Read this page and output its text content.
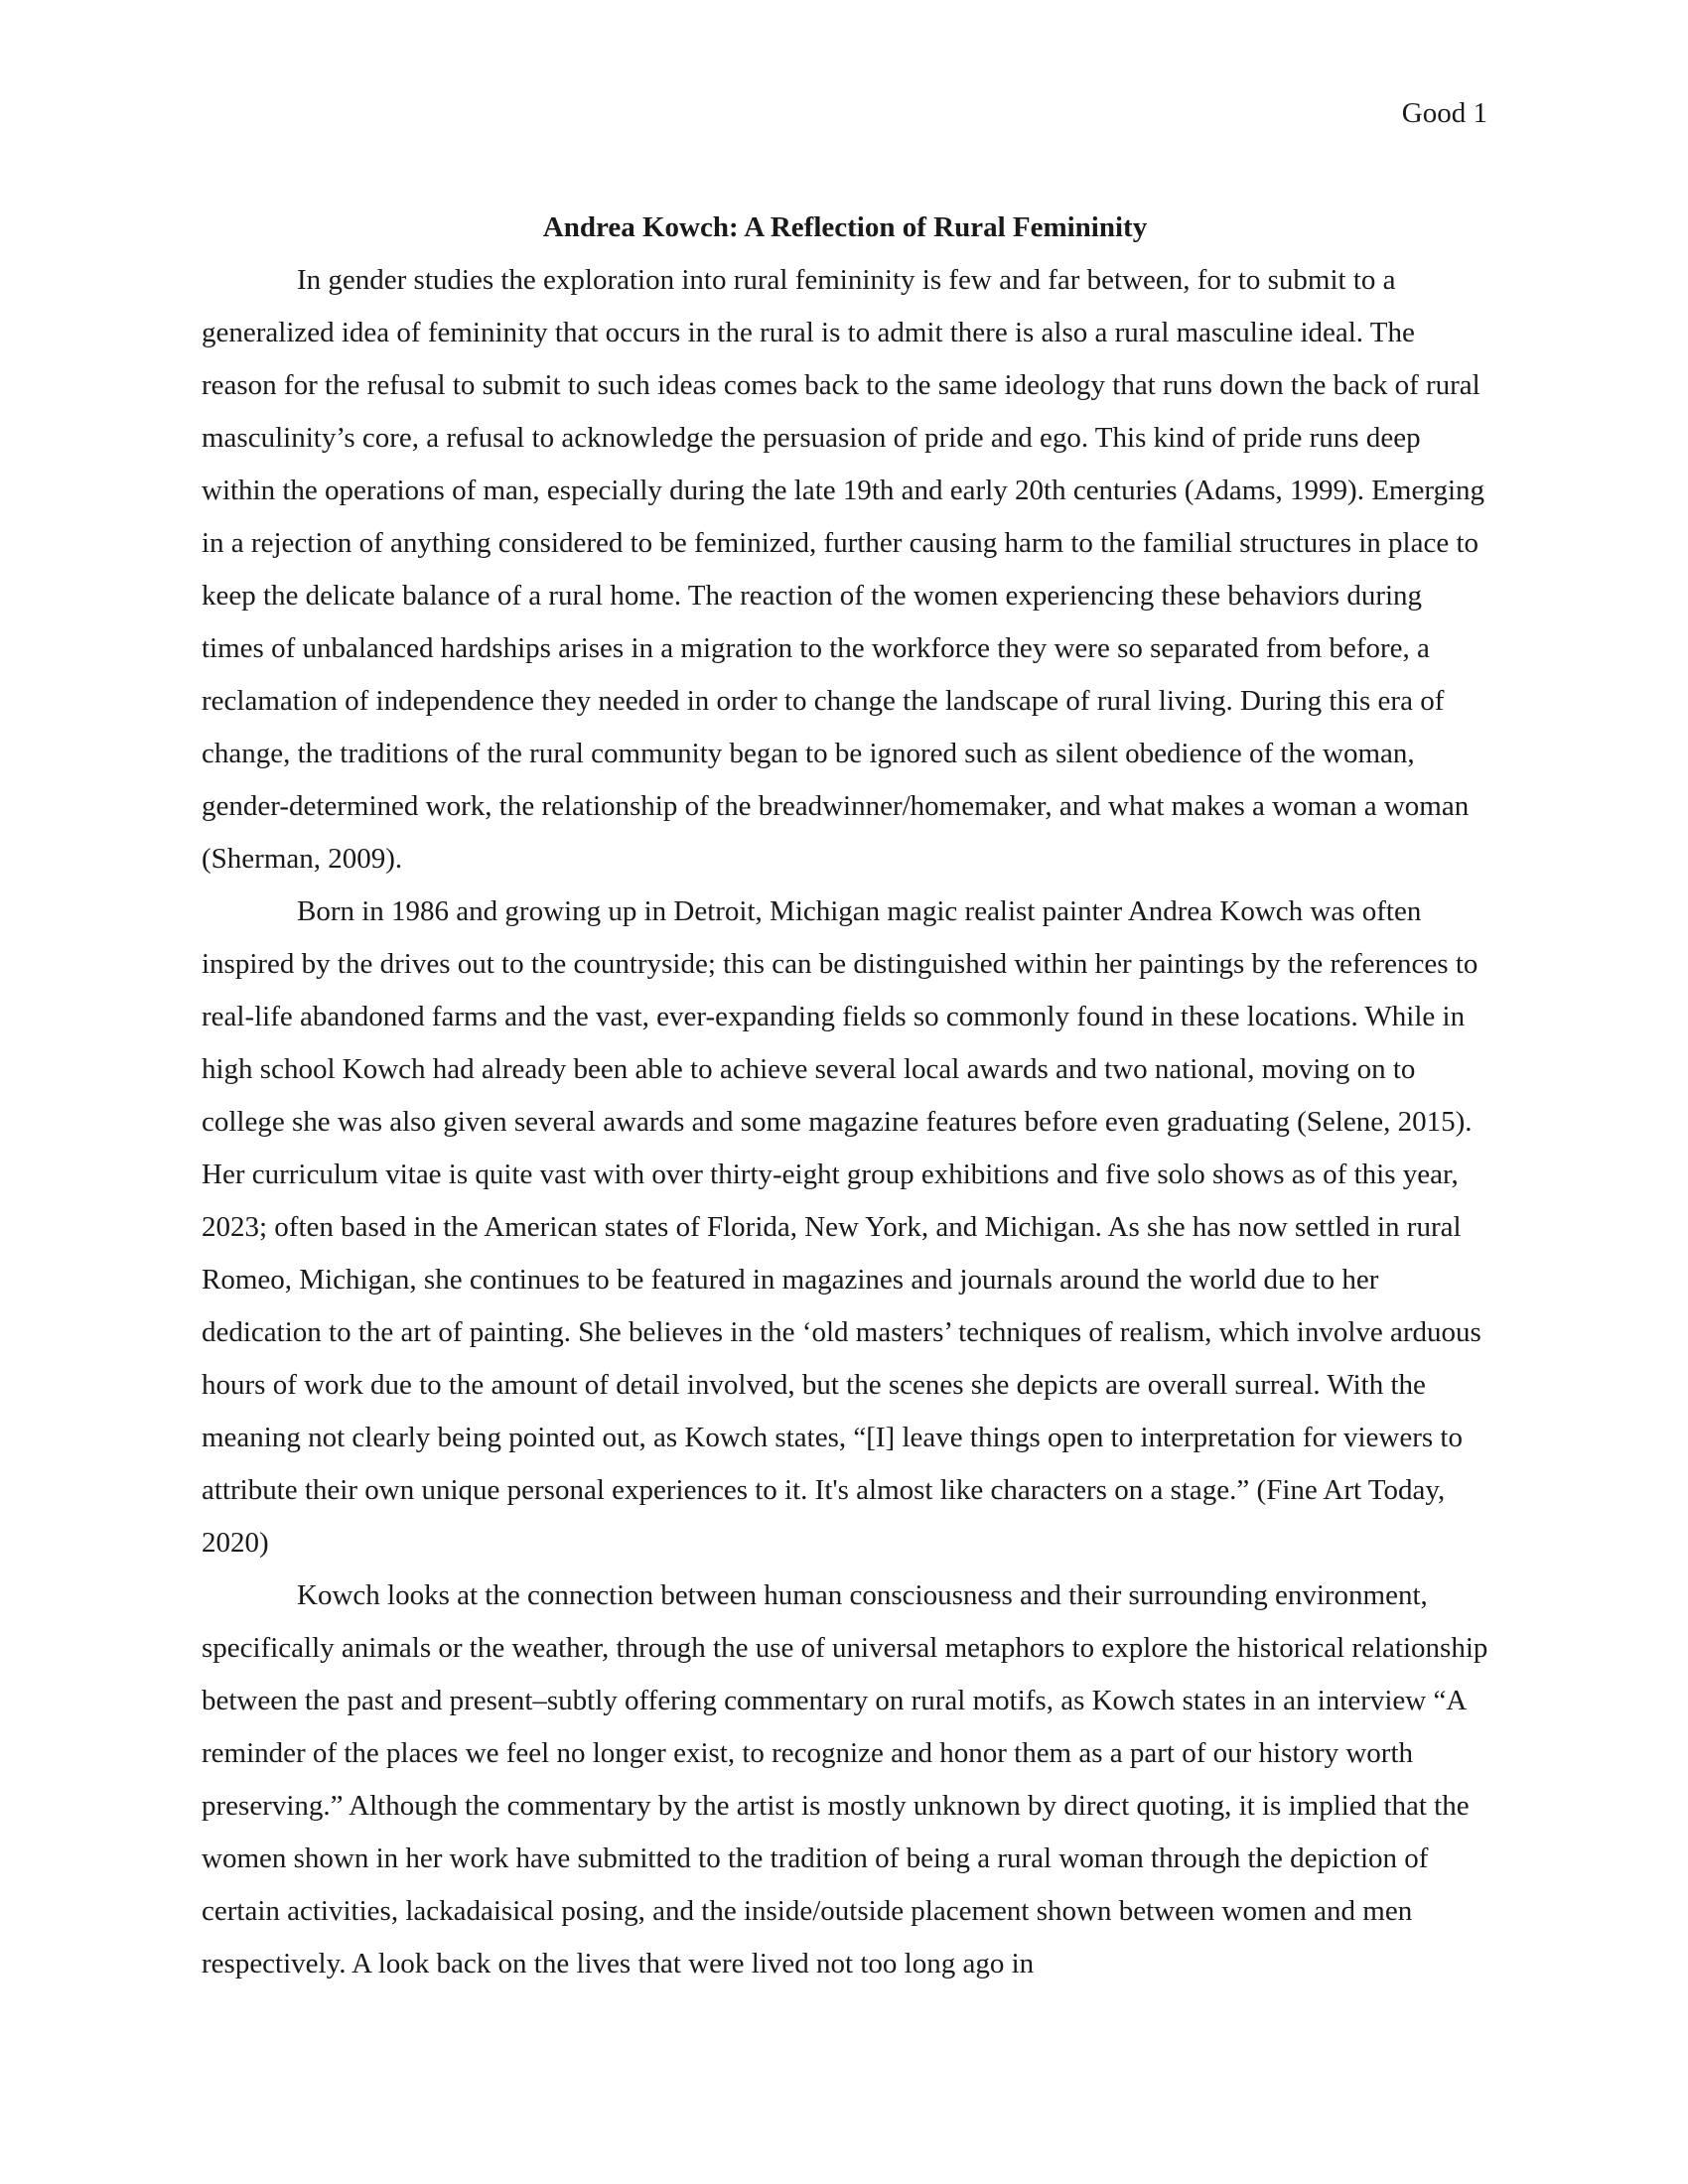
Good 1
Andrea Kowch: A Reflection of Rural Femininity

In gender studies the exploration into rural femininity is few and far between, for to submit to a generalized idea of femininity that occurs in the rural is to admit there is also a rural masculine ideal. The reason for the refusal to submit to such ideas comes back to the same ideology that runs down the back of rural masculinity’s core, a refusal to acknowledge the persuasion of pride and ego. This kind of pride runs deep within the operations of man, especially during the late 19th and early 20th centuries (Adams, 1999). Emerging in a rejection of anything considered to be feminized, further causing harm to the familial structures in place to keep the delicate balance of a rural home. The reaction of the women experiencing these behaviors during times of unbalanced hardships arises in a migration to the workforce they were so separated from before, a reclamation of independence they needed in order to change the landscape of rural living. During this era of change, the traditions of the rural community began to be ignored such as silent obedience of the woman, gender-determined work, the relationship of the breadwinner/homemaker, and what makes a woman a woman (Sherman, 2009).

Born in 1986 and growing up in Detroit, Michigan magic realist painter Andrea Kowch was often inspired by the drives out to the countryside; this can be distinguished within her paintings by the references to real-life abandoned farms and the vast, ever-expanding fields so commonly found in these locations. While in high school Kowch had already been able to achieve several local awards and two national, moving on to college she was also given several awards and some magazine features before even graduating (Selene, 2015). Her curriculum vitae is quite vast with over thirty-eight group exhibitions and five solo shows as of this year, 2023; often based in the American states of Florida, New York, and Michigan. As she has now settled in rural Romeo, Michigan, she continues to be featured in magazines and journals around the world due to her dedication to the art of painting. She believes in the ‘old masters’ techniques of realism, which involve arduous hours of work due to the amount of detail involved, but the scenes she depicts are overall surreal. With the meaning not clearly being pointed out, as Kowch states, “[I] leave things open to interpretation for viewers to attribute their own unique personal experiences to it. It's almost like characters on a stage.” (Fine Art Today, 2020)

Kowch looks at the connection between human consciousness and their surrounding environment, specifically animals or the weather, through the use of universal metaphors to explore the historical relationship between the past and present–subtly offering commentary on rural motifs, as Kowch states in an interview “A reminder of the places we feel no longer exist, to recognize and honor them as a part of our history worth preserving.” Although the commentary by the artist is mostly unknown by direct quoting, it is implied that the women shown in her work have submitted to the tradition of being a rural woman through the depiction of certain activities, lackadaisical posing, and the inside/outside placement shown between women and men respectively. A look back on the lives that were lived not too long ago in
